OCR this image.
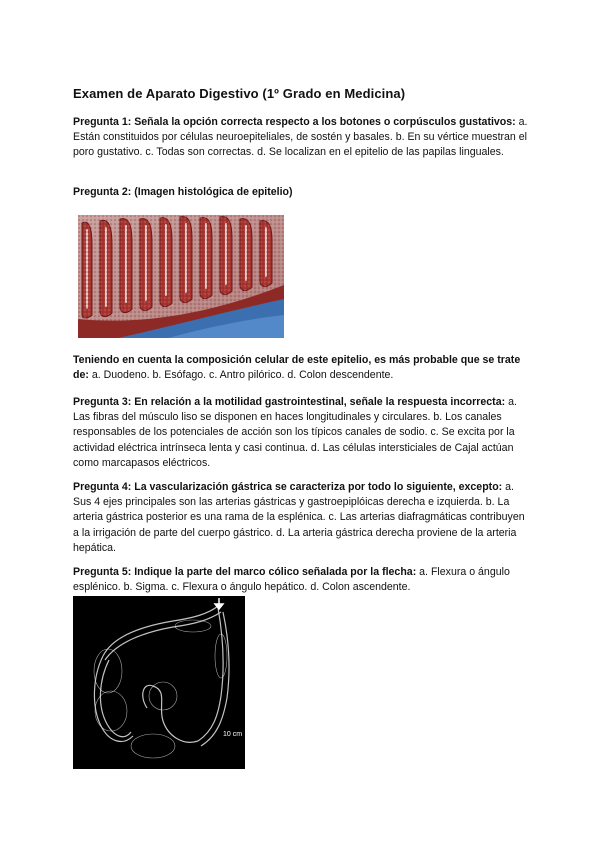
Examen de Aparato Digestivo (1º Grado en Medicina)
Pregunta 1: Señala la opción correcta respecto a los botones o corpúsculos gustativos: a. Están constituidos por células neuroepiteliales, de sostén y basales. b. En su vértice muestran el poro gustativo. c. Todas son correctas. d. Se localizan en el epitelio de las papilas linguales.
Pregunta 2: (Imagen histológica de epitelio)
Teniendo en cuenta la composición celular de este epitelio, es más probable que se trate de: a. Duodeno. b. Esófago. c. Antro pilórico. d. Colon descendente.
Pregunta 3: En relación a la motilidad gastrointestinal, señale la respuesta incorrecta: a. Las fibras del músculo liso se disponen en haces longitudinales y circulares. b. Los canales responsables de los potenciales de acción son los típicos canales de sodio. c. Se excita por la actividad eléctrica intrínseca lenta y casi continua. d. Las células intersticiales de Cajal actúan como marcapasos eléctricos.
Pregunta 4: La vascularización gástrica se caracteriza por todo lo siguiente, excepto: a. Sus 4 ejes principales son las arterias gástricas y gastroepiplóicas derecha e izquierda. b. La arteria gástrica posterior es una rama de la esplénica. c. Las arterias diafragmáticas contribuyen a la irrigación de parte del cuerpo gástrico. d. La arteria gástrica derecha proviene de la arteria hepática.
Pregunta 5: Indique la parte del marco cólico señalada por la flecha: a. Flexura o ángulo esplénico. b. Sigma. c. Flexura o ángulo hepático. d. Colon ascendente.
10 cm
